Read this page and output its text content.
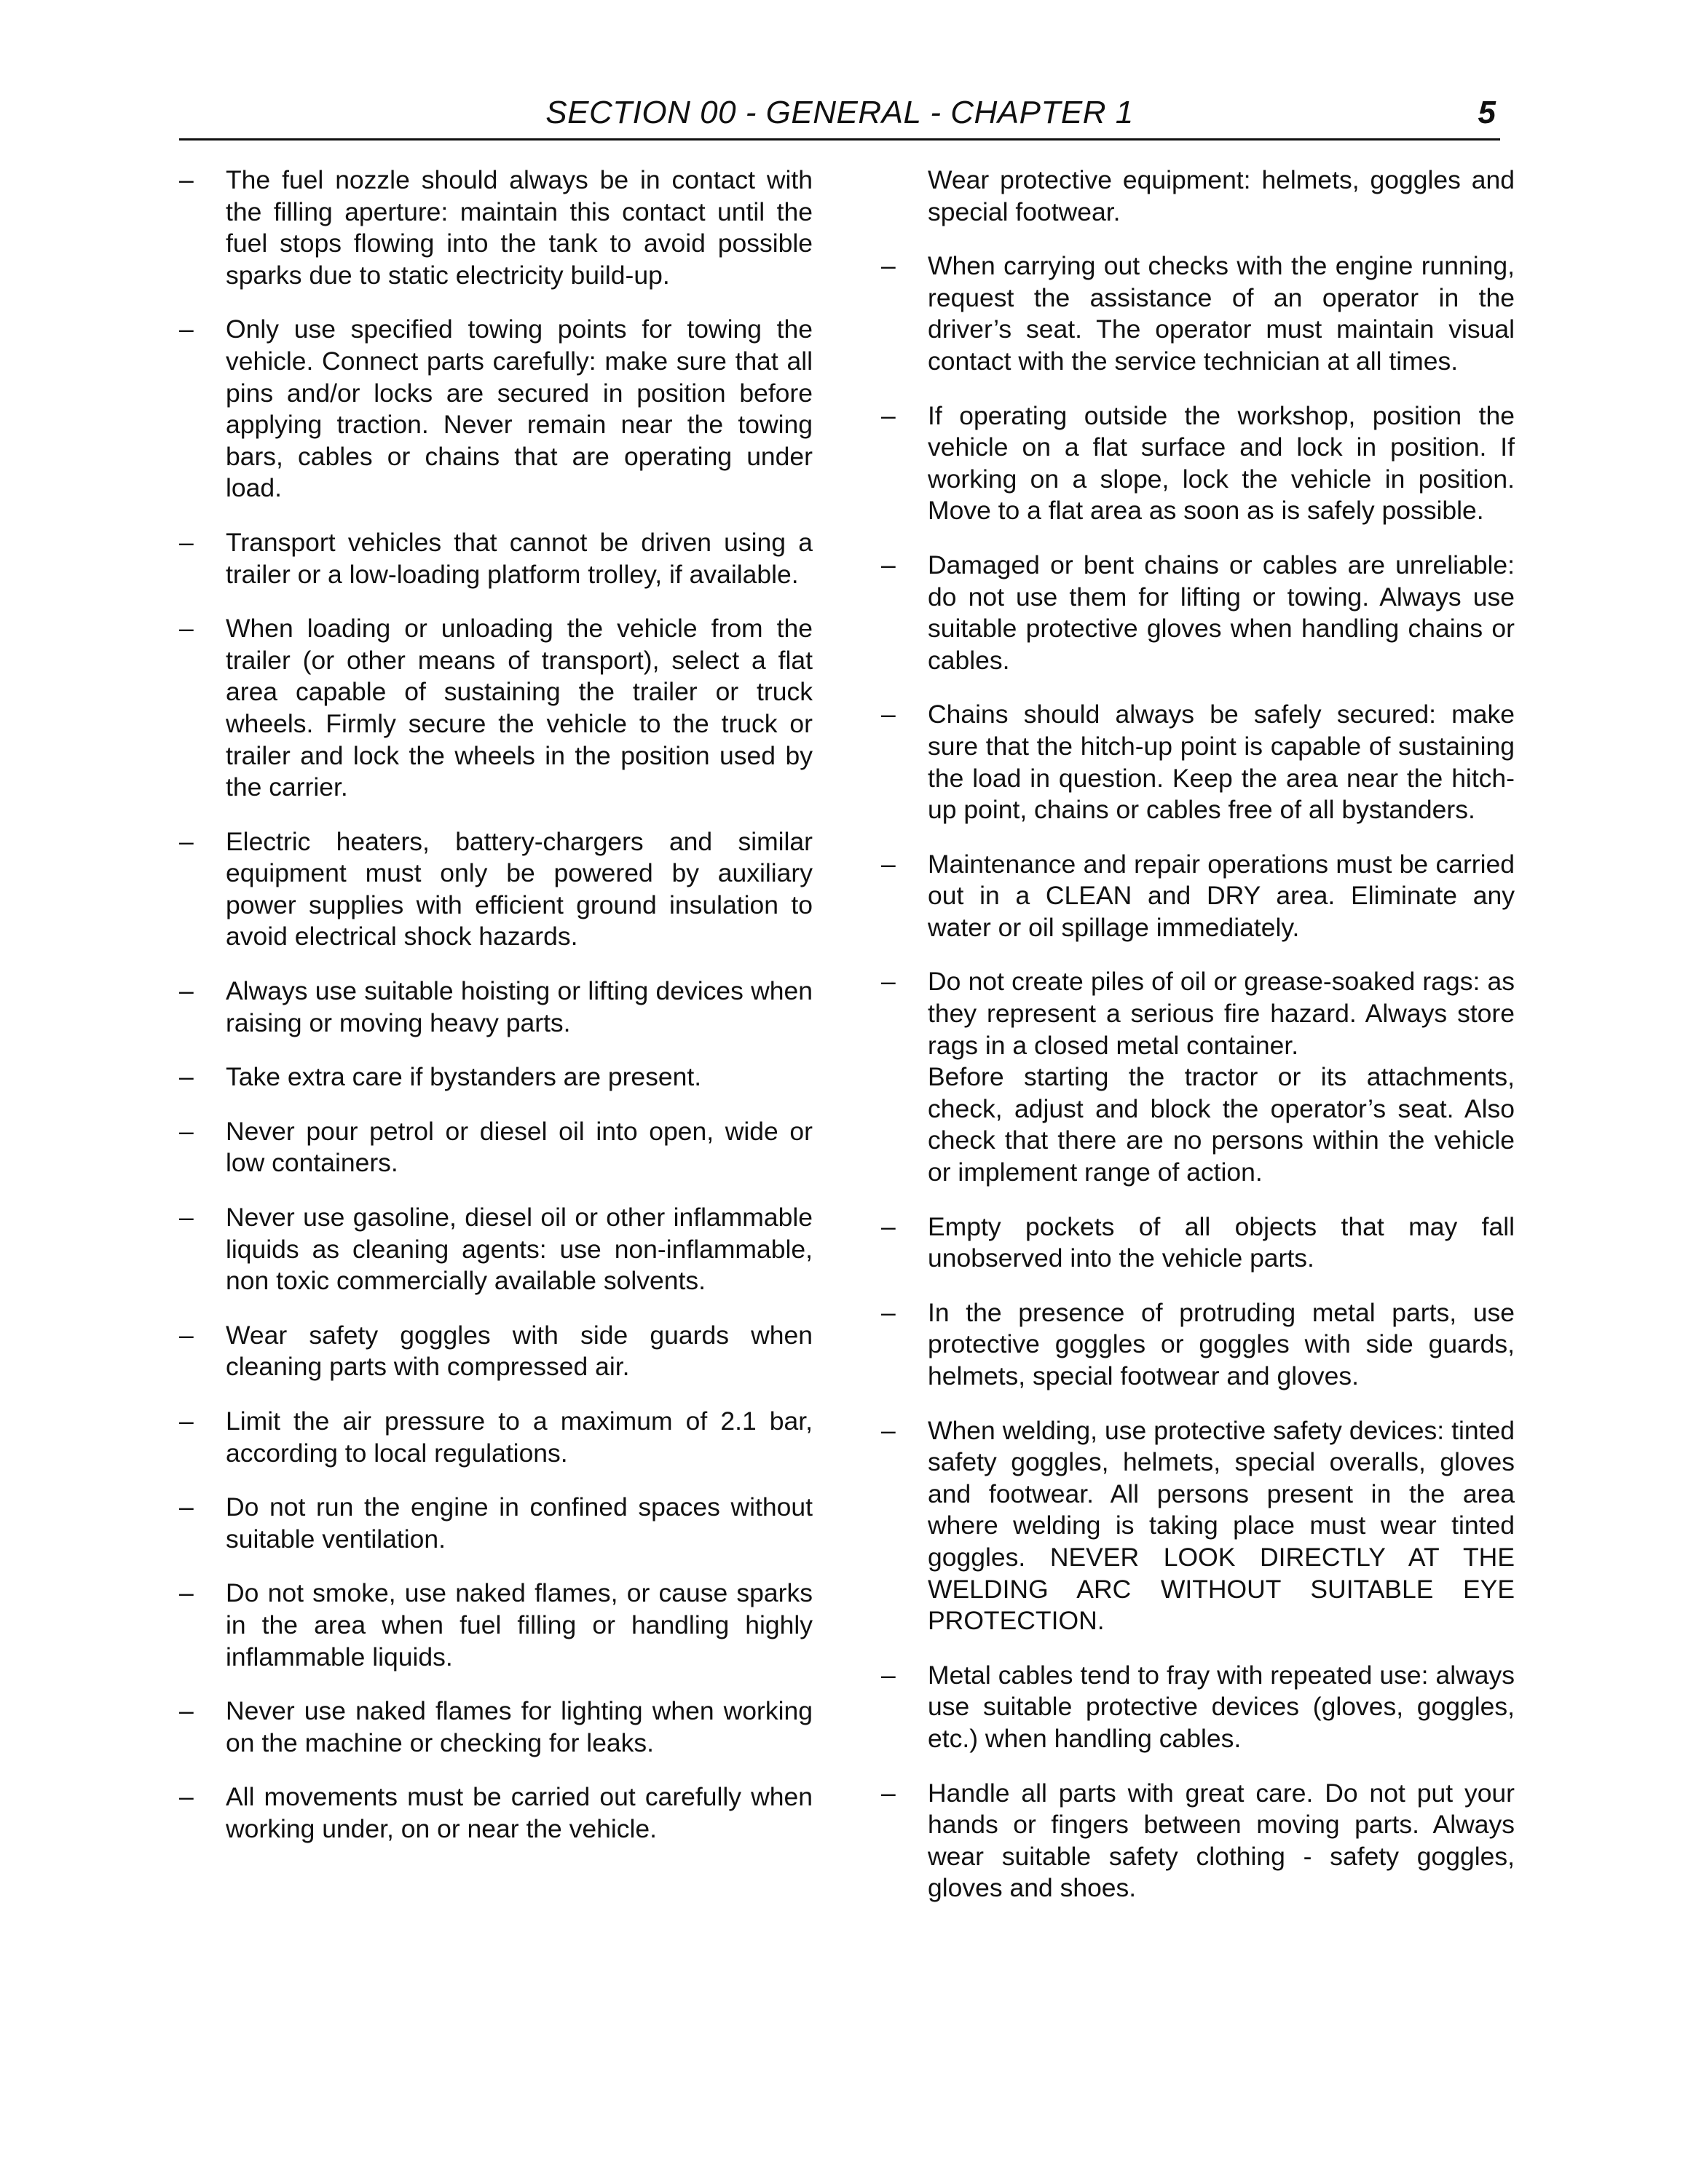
SECTION 00 - GENERAL - CHAPTER 1	5
– The fuel nozzle should always be in contact with the filling aperture: maintain this contact until the fuel stops flowing into the tank to avoid possible sparks due to static electricity build-up.
– Only use specified towing points for towing the vehicle. Connect parts carefully: make sure that all pins and/or locks are secured in position before applying traction. Never remain near the towing bars, cables or chains that are operating under load.
– Transport vehicles that cannot be driven using a trailer or a low-loading platform trolley, if available.
– When loading or unloading the vehicle from the trailer (or other means of transport), select a flat area capable of sustaining the trailer or truck wheels. Firmly secure the vehicle to the truck or trailer and lock the wheels in the position used by the carrier.
– Electric heaters, battery-chargers and similar equipment must only be powered by auxiliary power supplies with efficient ground insulation to avoid electrical shock hazards.
– Always use suitable hoisting or lifting devices when raising or moving heavy parts.
– Take extra care if bystanders are present.
– Never pour petrol or diesel oil into open, wide or low containers.
– Never use gasoline, diesel oil or other inflammable liquids as cleaning agents: use non-inflammable, non toxic commercially available solvents.
– Wear safety goggles with side guards when cleaning parts with compressed air.
– Limit the air pressure to a maximum of 2.1 bar, according to local regulations.
– Do not run the engine in confined spaces without suitable ventilation.
– Do not smoke, use naked flames, or cause sparks in the area when fuel filling or handling highly inflammable liquids.
– Never use naked flames for lighting when working on the machine or checking for leaks.
– All movements must be carried out carefully when working under, on or near the vehicle.
Wear protective equipment: helmets, goggles and special footwear.
– When carrying out checks with the engine running, request the assistance of an operator in the driver’s seat. The operator must maintain visual contact with the service technician at all times.
– If operating outside the workshop, position the vehicle on a flat surface and lock in position. If working on a slope, lock the vehicle in position. Move to a flat area as soon as is safely possible.
– Damaged or bent chains or cables are unreliable: do not use them for lifting or towing. Always use suitable protective gloves when handling chains or cables.
– Chains should always be safely secured: make sure that the hitch-up point is capable of sustaining the load in question. Keep the area near the hitch-up point, chains or cables free of all bystanders.
– Maintenance and repair operations must be carried out in a CLEAN and DRY area. Eliminate any water or oil spillage immediately.
– Do not create piles of oil or grease-soaked rags: as they represent a serious fire hazard. Always store rags in a closed metal container.
Before starting the tractor or its attachments, check, adjust and block the operator’s seat. Also check that there are no persons within the vehicle or implement range of action.
– Empty pockets of all objects that may fall unobserved into the vehicle parts.
– In the presence of protruding metal parts, use protective goggles or goggles with side guards, helmets, special footwear and gloves.
– When welding, use protective safety devices: tinted safety goggles, helmets, special overalls, gloves and footwear. All persons present in the area where welding is taking place must wear tinted goggles. NEVER LOOK DIRECTLY AT THE WELDING ARC WITHOUT SUITABLE EYE PROTECTION.
– Metal cables tend to fray with repeated use: always use suitable protective devices (gloves, goggles, etc.) when handling cables.
– Handle all parts with great care. Do not put your hands or fingers between moving parts. Always wear suitable safety clothing - safety goggles, gloves and shoes.
